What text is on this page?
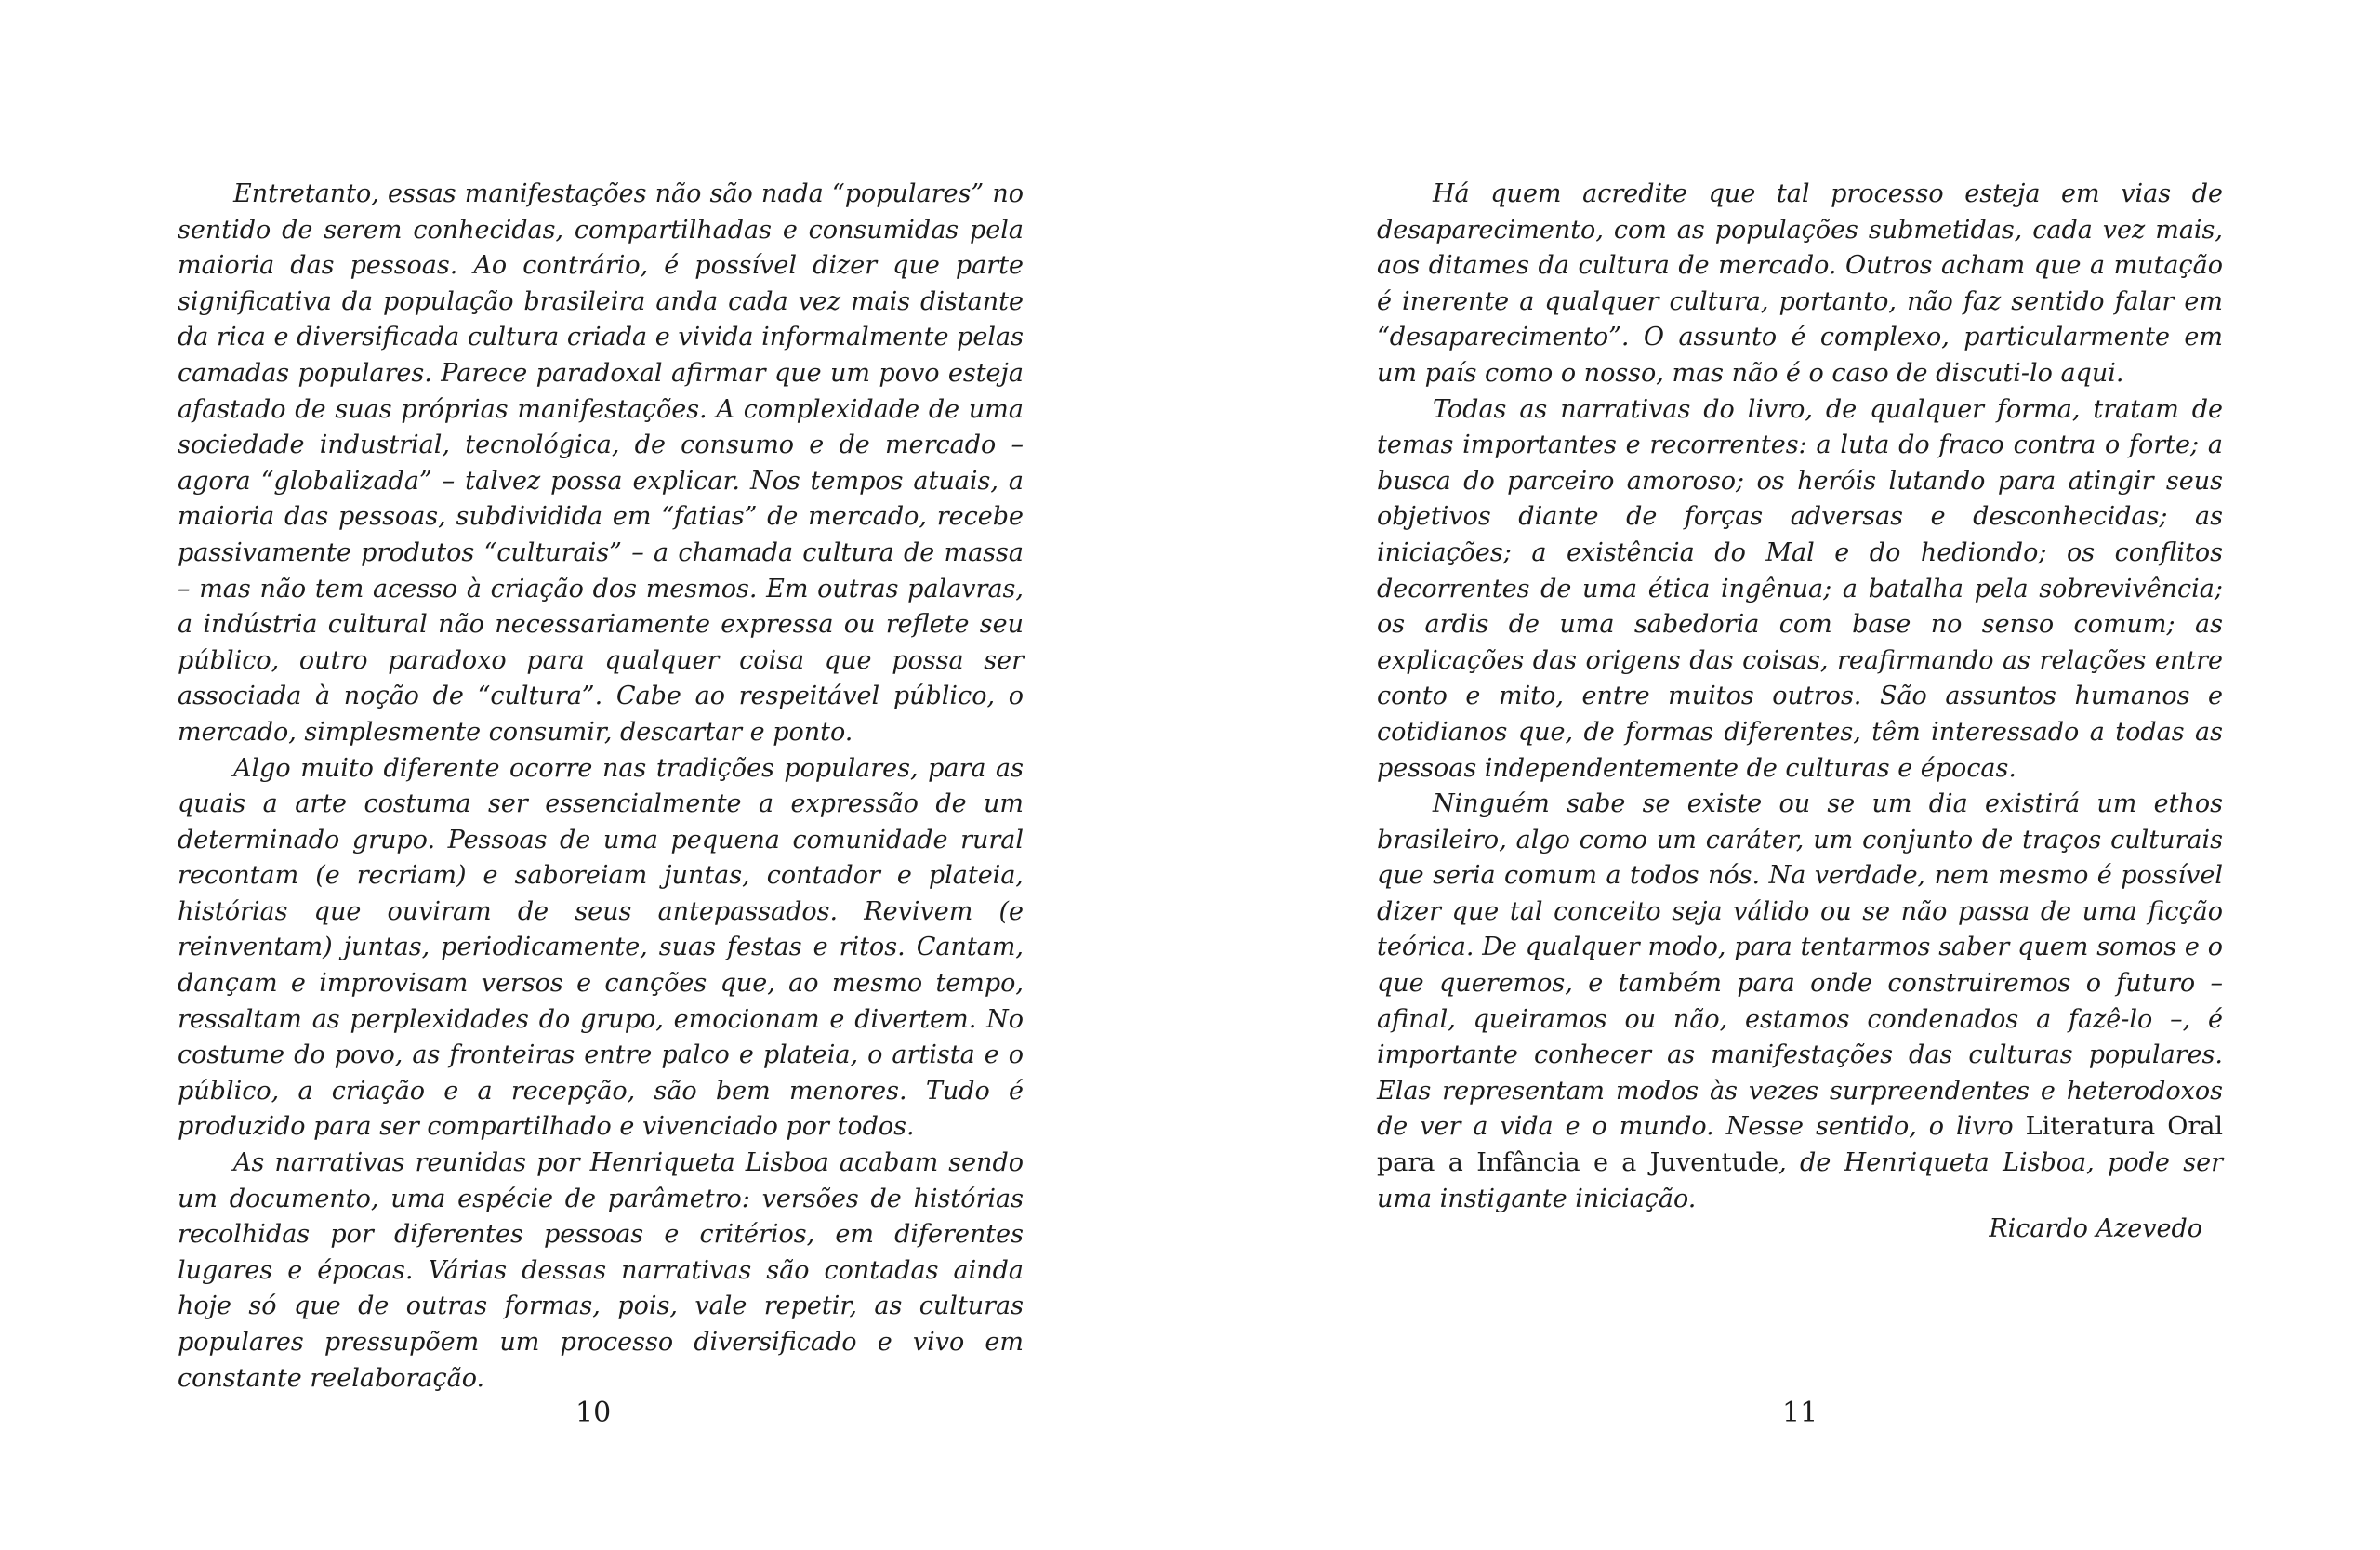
Entretanto, essas manifestações não são nada “populares” no sentido de serem conhecidas, compartilhadas e consumidas pela maioria das pessoas. Ao contrário, é possível dizer que parte significativa da população brasileira anda cada vez mais distante da rica e diversificada cultura criada e vivida informalmente pelas camadas populares. Parece paradoxal afirmar que um povo esteja afastado de suas próprias manifestações. A complexidade de uma sociedade industrial, tecnológica, de consumo e de mercado – agora “globalizada” – talvez possa explicar. Nos tempos atuais, a maioria das pessoas, subdividida em “fatias” de mercado, recebe passivamente produtos “culturais” – a chamada cultura de massa – mas não tem acesso à criação dos mesmos. Em outras palavras, a indústria cultural não necessariamente expressa ou reflete seu público, outro paradoxo para qualquer coisa que possa ser associada à noção de “cultura”. Cabe ao respeitável público, o mercado, simplesmente consumir, descartar e ponto.

Algo muito diferente ocorre nas tradições populares, para as quais a arte costuma ser essencialmente a expressão de um determinado grupo. Pessoas de uma pequena comunidade rural recontam (e recriam) e saboreiam juntas, contador e plateia, histórias que ouviram de seus antepassados. Revivem (e reinventam) juntas, periodicamente, suas festas e ritos. Cantam, dançam e improvisam versos e canções que, ao mesmo tempo, ressaltam as perplexidades do grupo, emocionam e divertem. No costume do povo, as fronteiras entre palco e plateia, o artista e o público, a criação e a recepção, são bem menores. Tudo é produzido para ser compartilhado e vivenciado por todos.

As narrativas reunidas por Henriqueta Lisboa acabam sendo um documento, uma espécie de parâmetro: versões de histórias recolhidas por diferentes pessoas e critérios, em diferentes lugares e épocas. Várias dessas narrativas são contadas ainda hoje só que de outras formas, pois, vale repetir, as culturas populares pressupõem um processo diversificado e vivo em constante reelaboração.

10

Há quem acredite que tal processo esteja em vias de desaparecimento, com as populações submetidas, cada vez mais, aos ditames da cultura de mercado. Outros acham que a mutação é inerente a qualquer cultura, portanto, não faz sentido falar em “desaparecimento”. O assunto é complexo, particularmente em um país como o nosso, mas não é o caso de discuti-lo aqui.

Todas as narrativas do livro, de qualquer forma, tratam de temas importantes e recorrentes: a luta do fraco contra o forte; a busca do parceiro amoroso; os heróis lutando para atingir seus objetivos diante de forças adversas e desconhecidas; as iniciações; a existência do Mal e do hediondo; os conflitos decorrentes de uma ética ingênua; a batalha pela sobrevivência; os ardis de uma sabedoria com base no senso comum; as explicações das origens das coisas, reafirmando as relações entre conto e mito, entre muitos outros. São assuntos humanos e cotidianos que, de formas diferentes, têm interessado a todas as pessoas independentemente de culturas e épocas.

Ninguém sabe se existe ou se um dia existirá um ethos brasileiro, algo como um caráter, um conjunto de traços culturais que seria comum a todos nós. Na verdade, nem mesmo é possível dizer que tal conceito seja válido ou se não passa de uma ficção teórica. De qualquer modo, para tentarmos saber quem somos e o que queremos, e também para onde construiremos o futuro – afinal, queiramos ou não, estamos condenados a fazê-lo –, é importante conhecer as manifestações das culturas populares. Elas representam modos às vezes surpreendentes e heterodoxos de ver a vida e o mundo. Nesse sentido, o livro Literatura Oral para a Infância e a Juventude, de Henriqueta Lisboa, pode ser uma instigante iniciação.

Ricardo Azevedo
11
